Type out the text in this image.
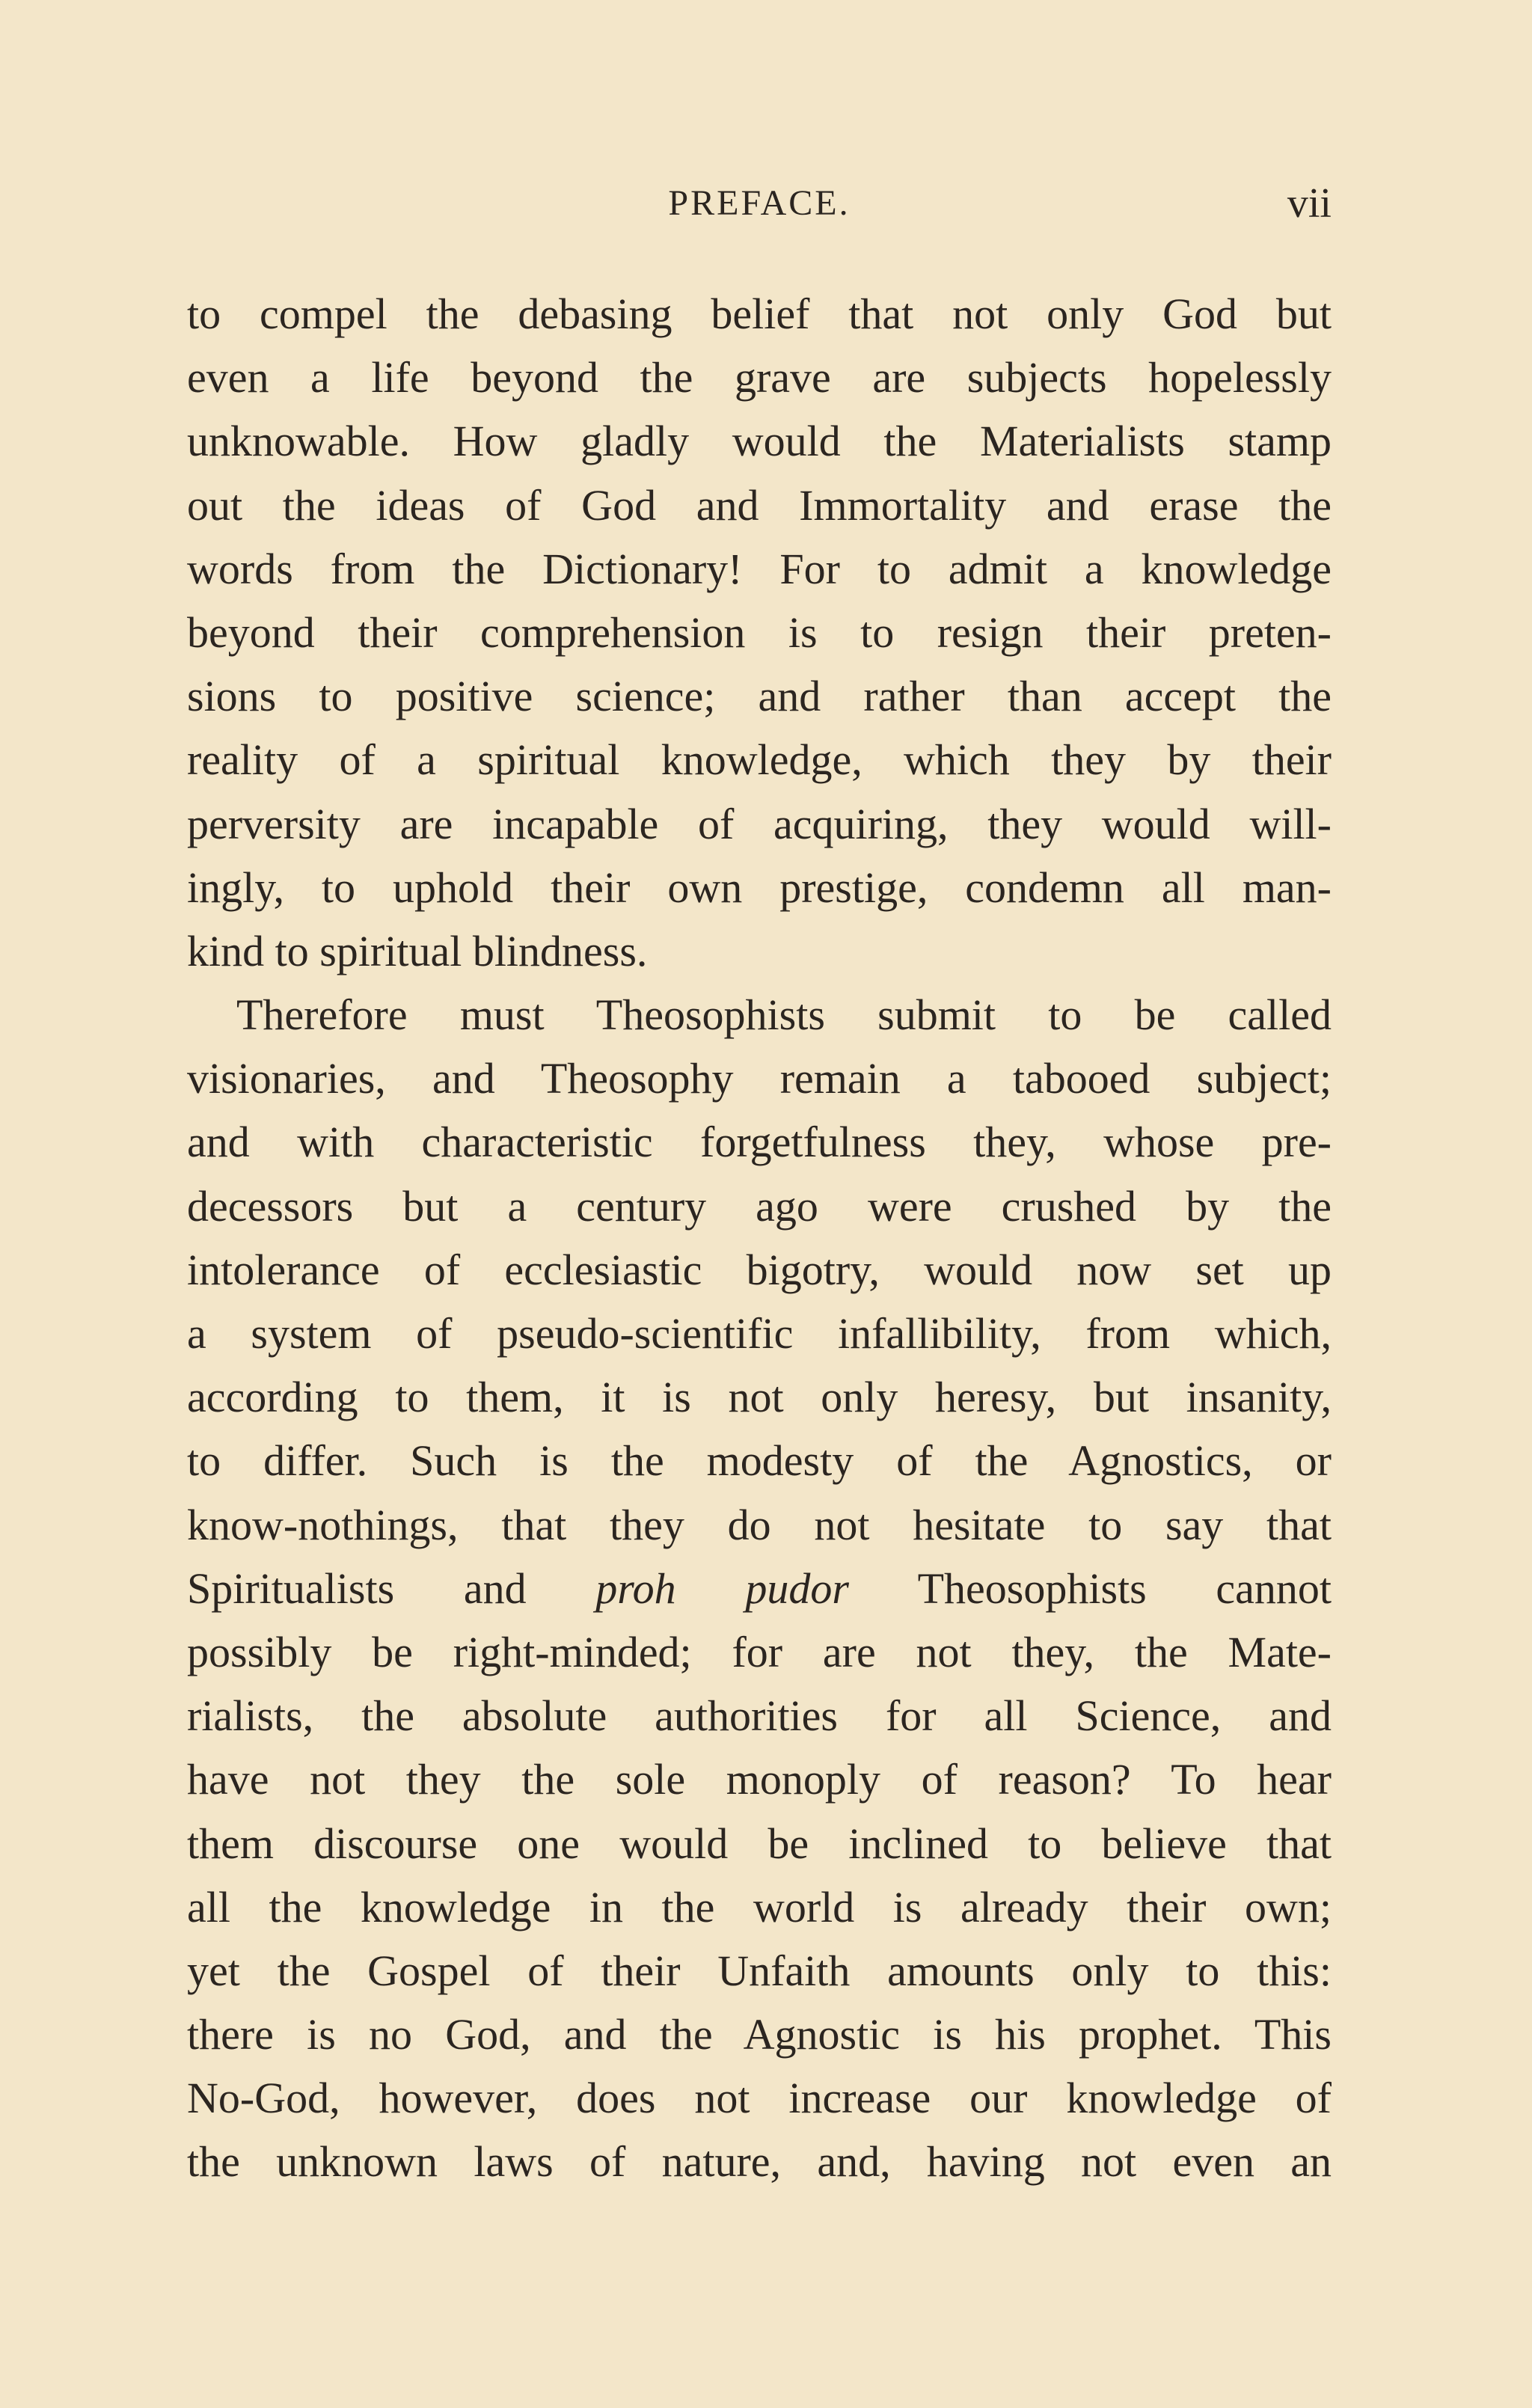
PREFACE.	vii
to compel the debasing belief that not only God but
even a life beyond the grave are subjects hopelessly
unknowable. How gladly would the Materialists stamp
out the ideas of God and Immortality and erase the
words from the Dictionary! For to admit a knowledge
beyond their comprehension is to resign their preten-
sions to positive science; and rather than accept the
reality of a spiritual knowledge, which they by their
perversity are incapable of acquiring, they would will-
ingly, to uphold their own prestige, condemn all man-
kind to spiritual blindness.
Therefore must Theosophists submit to be called
visionaries, and Theosophy remain a tabooed subject;
and with characteristic forgetfulness they, whose pre-
decessors but a century ago were crushed by the
intolerance of ecclesiastic bigotry, would now set up
a system of pseudo-scientific infallibility, from which,
according to them, it is not only heresy, but insanity,
to differ. Such is the modesty of the Agnostics, or
know-nothings, that they do not hesitate to say that
Spiritualists and proh pudor Theosophists cannot
possibly be right-minded; for are not they, the Mate-
rialists, the absolute authorities for all Science, and
have not they the sole monoply of reason? To hear
them discourse one would be inclined to believe that
all the knowledge in the world is already their own;
yet the Gospel of their Unfaith amounts only to this:
there is no God, and the Agnostic is his prophet. This
No-God, however, does not increase our knowledge of
the unknown laws of nature, and, having not even an
